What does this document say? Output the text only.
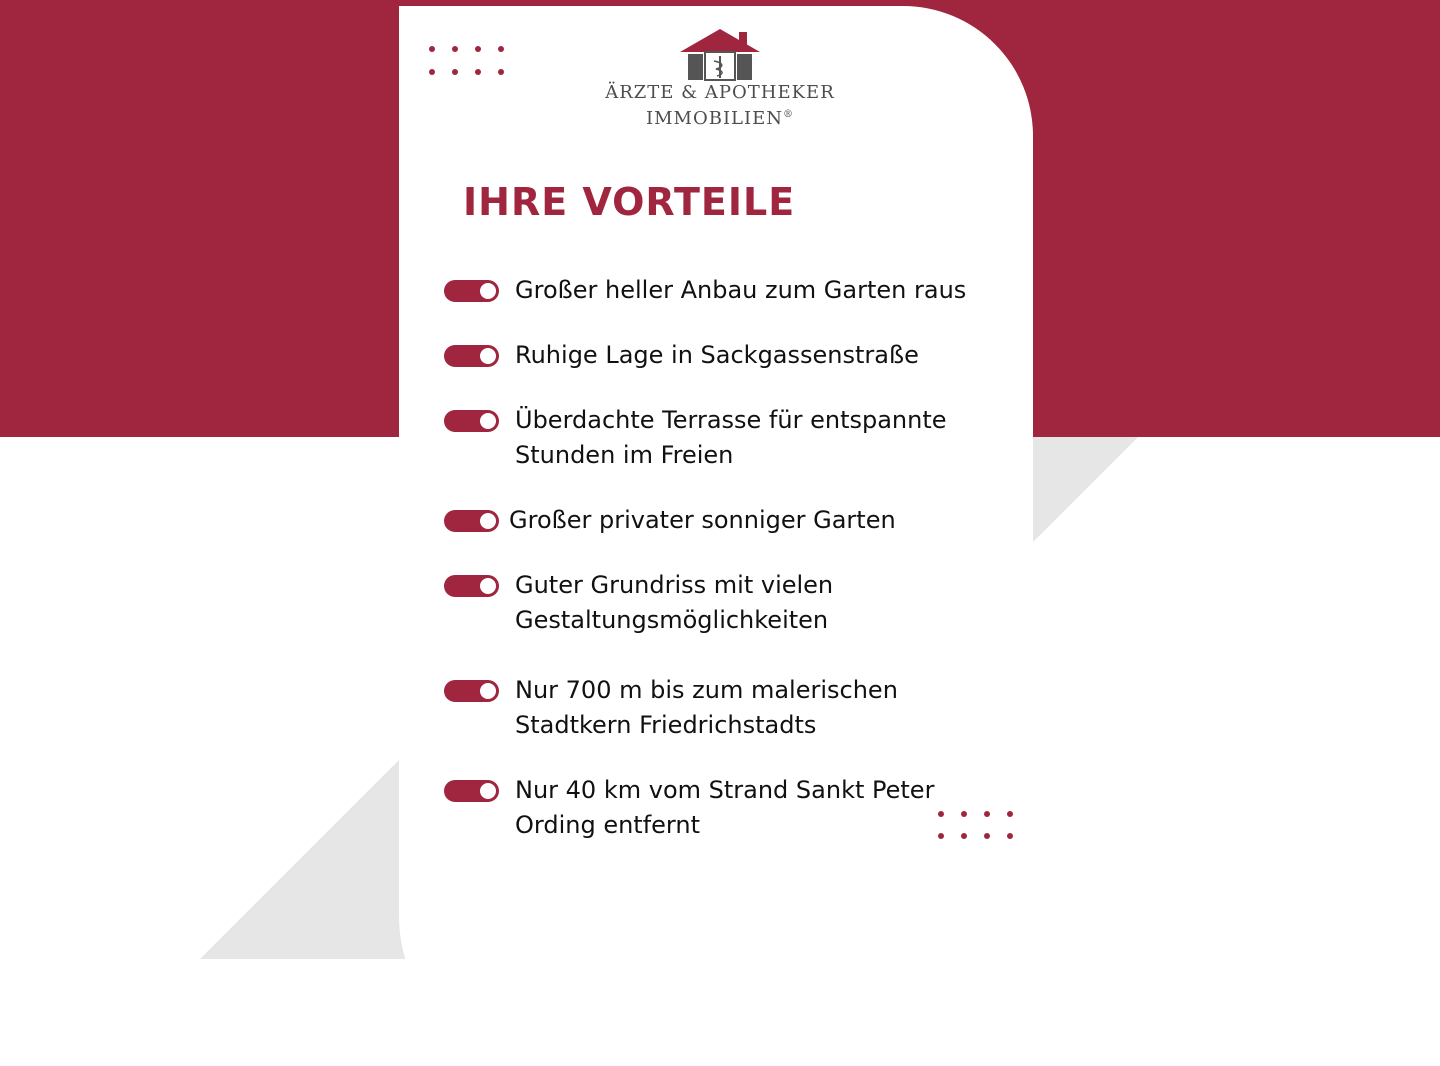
ÄRZTE & APOTHEKER
IMMOBILIEN®
IHRE VORTEILE
Großer heller Anbau zum Garten raus
Ruhige Lage in Sackgassenstraße
Überdachte Terrasse für entspannte
Stunden im Freien
Großer privater sonniger Garten
Guter Grundriss mit vielen
Gestaltungsmöglichkeiten
Nur 700 m bis zum malerischen
Stadtkern Friedrichstadts
Nur 40 km vom Strand Sankt Peter
Ording entfernt
